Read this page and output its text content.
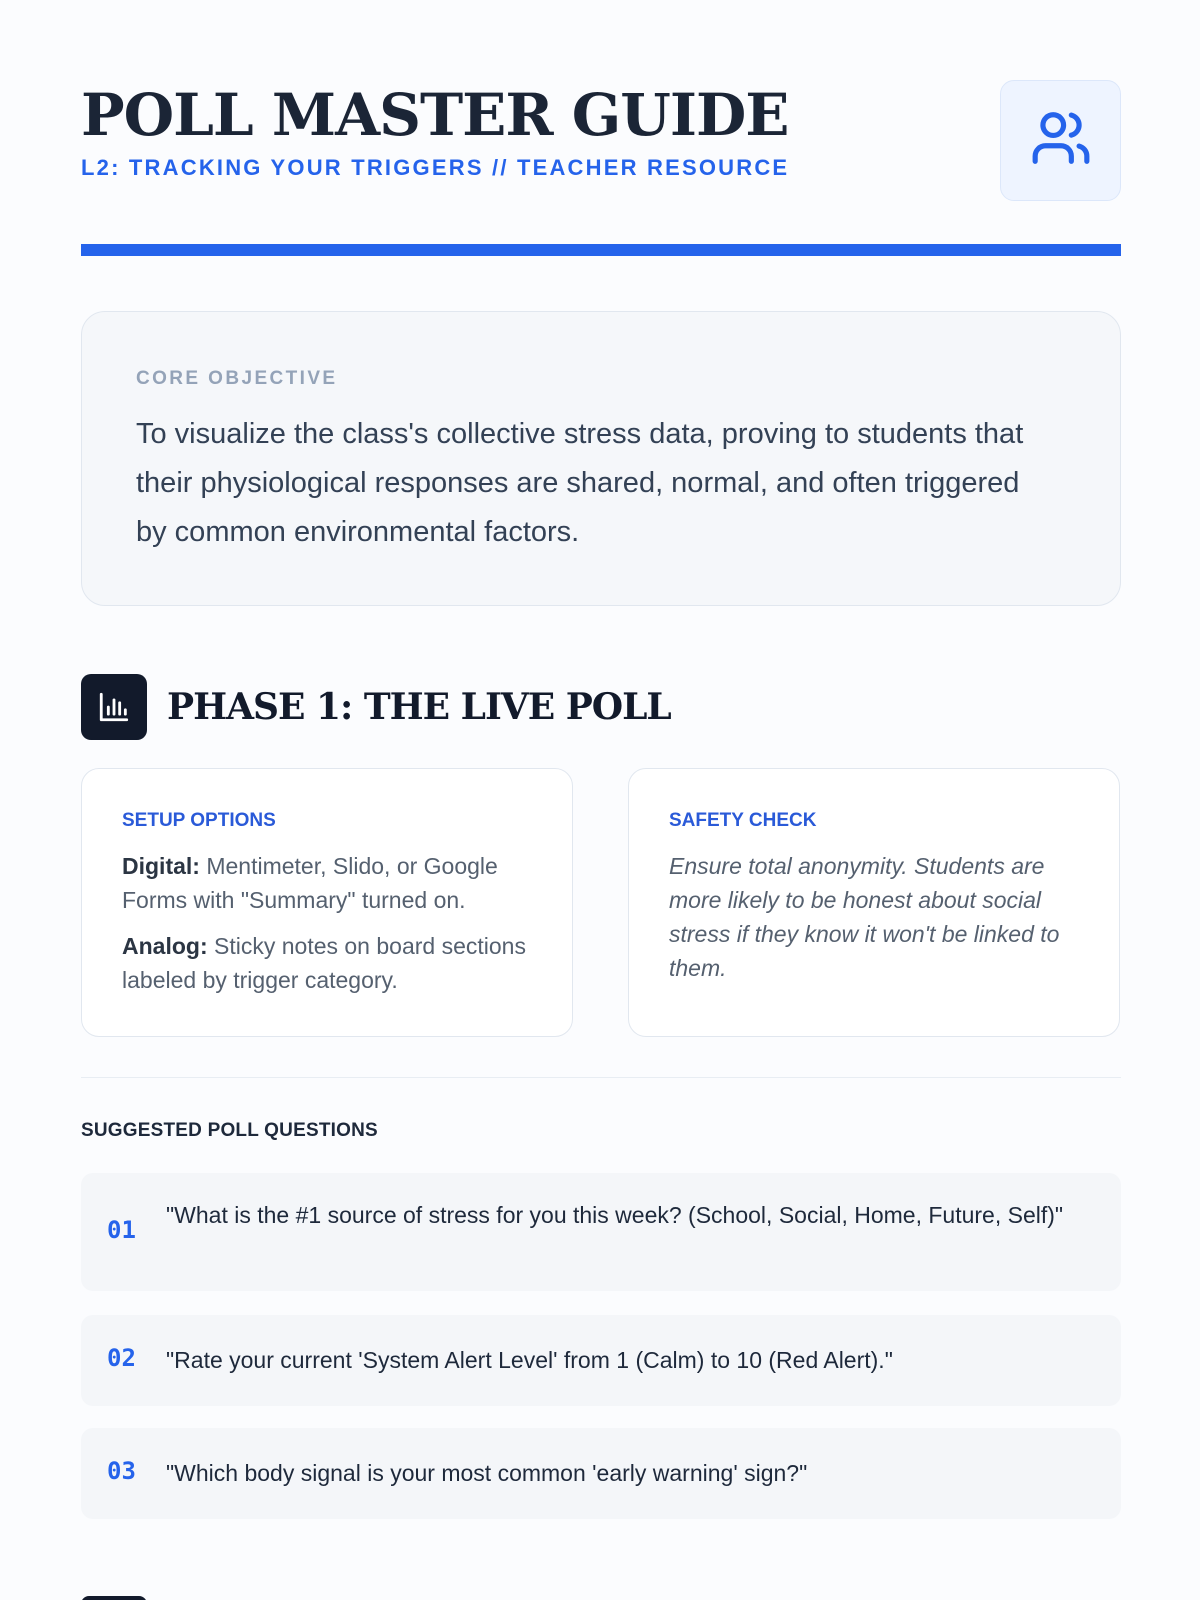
POLL MASTER GUIDE
L2: TRACKING YOUR TRIGGERS // TEACHER RESOURCE
CORE OBJECTIVE
To visualize the class's collective stress data, proving to students that their physiological responses are shared, normal, and often triggered by common environmental factors.
PHASE 1: THE LIVE POLL
SETUP OPTIONS

Digital: Mentimeter, Slido, or Google Forms with "Summary" turned on.

Analog: Sticky notes on board sections labeled by trigger category.

SAFETY CHECK
Ensure total anonymity. Students are more likely to be honest about social stress if they know it won't be linked to them.
SUGGESTED POLL QUESTIONS
01
"What is the #1 source of stress for you this week? (School, Social, Home, Future, Self)"
02 "Rate your current 'System Alert Level' from 1 (Calm) to 10 (Red Alert)."
03 "Which body signal is your most common 'early warning' sign?"
